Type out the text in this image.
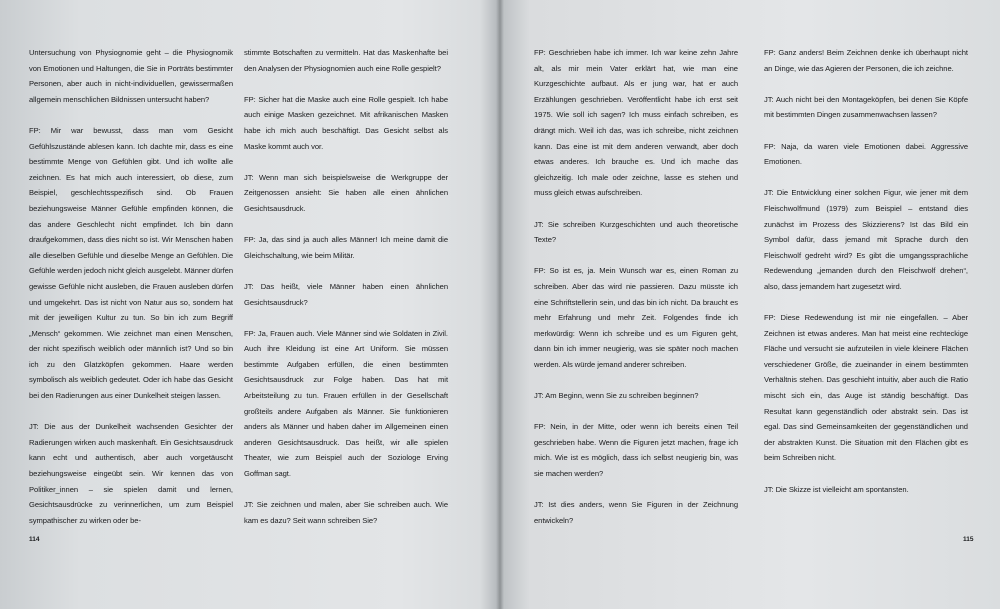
Untersuchung von Physiognomie geht – die Physiognomik von Emotionen und Haltungen, die Sie in Porträts bestimmter Personen, aber auch in nicht-individuellen, gewissermaßen allgemein menschlichen Bildnissen untersucht haben?

FP: Mir war bewusst, dass man vom Gesicht Gefühlszustände ablesen kann. Ich dachte mir, dass es eine bestimmte Menge von Gefühlen gibt. Und ich wollte alle zeichnen. Es hat mich auch interessiert, ob diese, zum Beispiel, geschlechtsspezifisch sind. Ob Frauen beziehungsweise Männer Gefühle empfinden können, die das andere Geschlecht nicht empfindet. Ich bin dann draufgekommen, dass dies nicht so ist. Wir Menschen haben alle dieselben Gefühle und dieselbe Menge an Gefühlen. Die Gefühle werden jedoch nicht gleich ausgelebt. Männer dürfen gewisse Gefühle nicht ausleben, die Frauen ausleben dürfen und umgekehrt. Das ist nicht von Natur aus so, sondern hat mit der jeweiligen Kultur zu tun. So bin ich zum Begriff „Mensch“ gekommen. Wie zeichnet man einen Menschen, der nicht spezifisch weiblich oder männlich ist? Und so bin ich zu den Glatzköpfen gekommen. Haare werden symbolisch als weiblich gedeutet. Oder ich habe das Gesicht bei den Radierungen aus einer Dunkelheit steigen lassen.

JT: Die aus der Dunkelheit wachsenden Gesichter der Radierungen wirken auch maskenhaft. Ein Gesichtsausdruck kann echt und authentisch, aber auch vorgetäuscht beziehungsweise eingeübt sein. Wir kennen das von Politiker_innen – sie spielen damit und lernen, Gesichtsausdrücke zu verinnerlichen, um zum Beispiel sympathischer zu wirken oder be-

stimmte Botschaften zu vermitteln. Hat das Maskenhafte bei den Analysen der Physiognomien auch eine Rolle gespielt?

FP: Sicher hat die Maske auch eine Rolle gespielt. Ich habe auch einige Masken gezeichnet. Mit afrikanischen Masken habe ich mich auch beschäftigt. Das Gesicht selbst als Maske kommt auch vor.

JT: Wenn man sich beispielsweise die Werkgruppe der Zeitgenossen ansieht: Sie haben alle einen ähnlichen Gesichtsausdruck.

FP: Ja, das sind ja auch alles Männer! Ich meine damit die Gleichschaltung, wie beim Militär.

JT: Das heißt, viele Männer haben einen ähnlichen Gesichtsausdruck?

FP: Ja, Frauen auch. Viele Männer sind wie Soldaten in Zivil. Auch ihre Kleidung ist eine Art Uniform. Sie müssen bestimmte Aufgaben erfüllen, die einen bestimmten Gesichtsausdruck zur Folge haben. Das hat mit Arbeitsteilung zu tun. Frauen erfüllen in der Gesellschaft großteils andere Aufgaben als Männer. Sie funktionieren anders als Männer und haben daher im Allgemeinen einen anderen Gesichtsausdruck. Das heißt, wir alle spielen Theater, wie zum Beispiel auch der Soziologe Erving Goffman sagt.

JT: Sie zeichnen und malen, aber Sie schreiben auch. Wie kam es dazu? Seit wann schreiben Sie?

114

FP: Geschrieben habe ich immer. Ich war keine zehn Jahre alt, als mir mein Vater erklärt hat, wie man eine Kurzgeschichte aufbaut. Als er jung war, hat er auch Erzählungen geschrieben. Veröffentlicht habe ich erst seit 1975. Wie soll ich sagen? Ich muss einfach schreiben, es drängt mich. Weil ich das, was ich schreibe, nicht zeichnen kann. Das eine ist mit dem anderen verwandt, aber doch etwas anderes. Ich brauche es. Und ich mache das gleichzeitig. Ich male oder zeichne, lasse es stehen und muss gleich etwas aufschreiben.

JT: Sie schreiben Kurzgeschichten und auch theoretische Texte?

FP: So ist es, ja. Mein Wunsch war es, einen Roman zu schreiben. Aber das wird nie passieren. Dazu müsste ich eine Schriftstellerin sein, und das bin ich nicht. Da braucht es mehr Erfahrung und mehr Zeit. Folgendes finde ich merkwürdig: Wenn ich schreibe und es um Figuren geht, dann bin ich immer neugierig, was sie später noch machen werden. Als würde jemand anderer schreiben.

JT: Am Beginn, wenn Sie zu schreiben beginnen?

FP: Nein, in der Mitte, oder wenn ich bereits einen Teil geschrieben habe. Wenn die Figuren jetzt machen, frage ich mich. Wie ist es möglich, dass ich selbst neugierig bin, was sie machen werden?

JT: Ist dies anders, wenn Sie Figuren in der Zeichnung entwickeln?

FP: Ganz anders! Beim Zeichnen denke ich überhaupt nicht an Dinge, wie das Agieren der Personen, die ich zeichne.

JT: Auch nicht bei den Montageköpfen, bei denen Sie Köpfe mit bestimmten Dingen zusammenwachsen lassen?

FP: Naja, da waren viele Emotionen dabei. Aggressive Emotionen.

JT: Die Entwicklung einer solchen Figur, wie jener mit dem Fleischwolfmund (1979) zum Beispiel – entstand dies zunächst im Prozess des Skizzierens? Ist das Bild ein Symbol dafür, dass jemand mit Sprache durch den Fleischwolf gedreht wird? Es gibt die umgangssprachliche Redewendung „jemanden durch den Fleischwolf drehen“, also, dass jemandem hart zugesetzt wird.

FP: Diese Redewendung ist mir nie eingefallen. – Aber Zeichnen ist etwas anderes. Man hat meist eine rechteckige Fläche und versucht sie aufzuteilen in viele kleinere Flächen verschiedener Größe, die zueinander in einem bestimmten Verhältnis stehen. Das geschieht intuitiv, aber auch die Ratio mischt sich ein, das Auge ist ständig beschäftigt. Das Resultat kann gegenständlich oder abstrakt sein. Das ist egal. Das sind Gemeinsamkeiten der gegenständlichen und der abstrakten Kunst. Die Situation mit den Flächen gibt es beim Schreiben nicht.

JT: Die Skizze ist vielleicht am spontansten.

115
